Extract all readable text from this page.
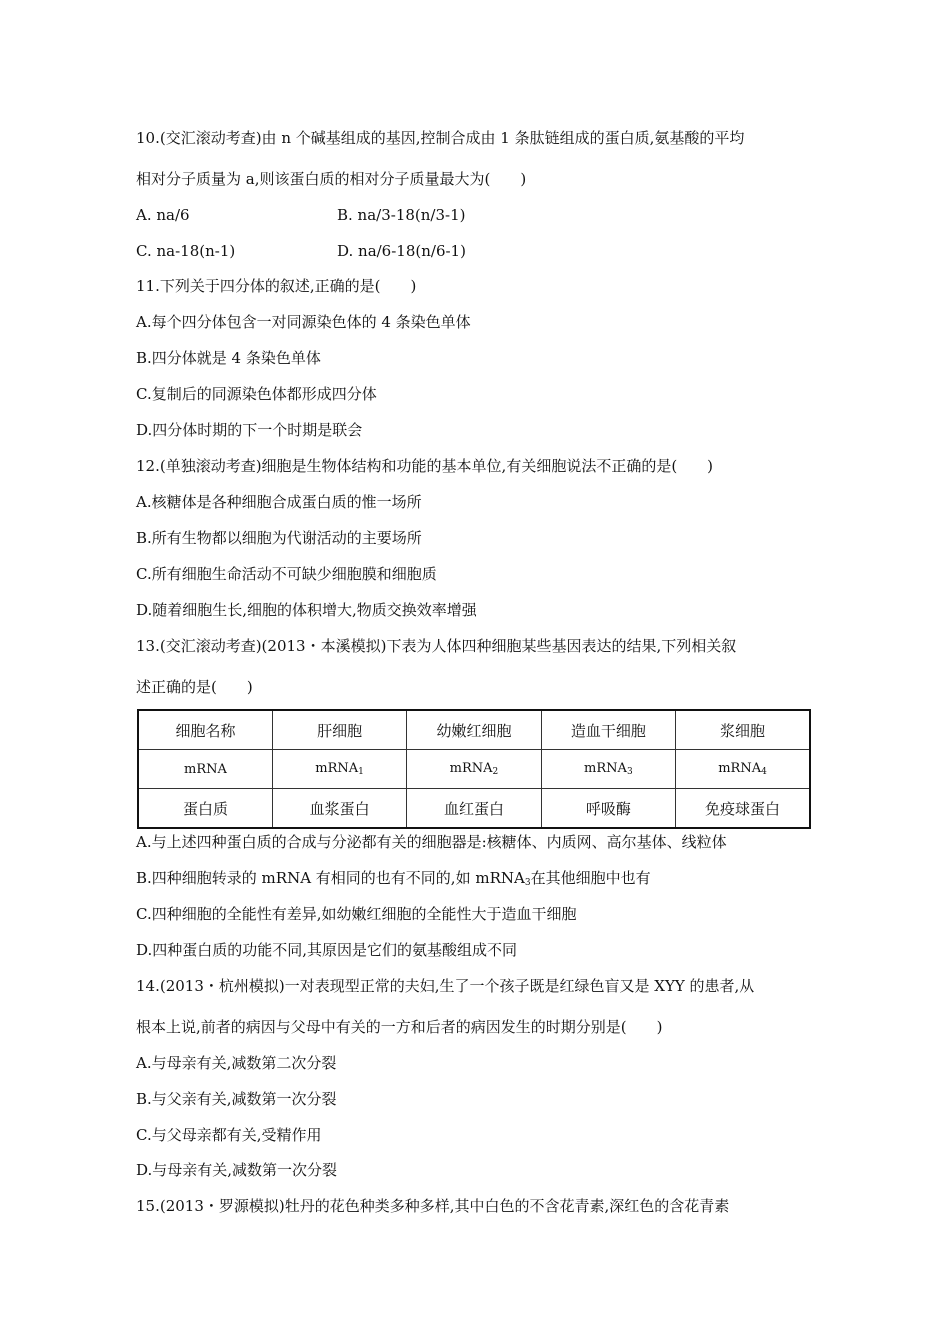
10.(交汇滚动考查)由 n 个碱基组成的基因,控制合成由 1 条肽链组成的蛋白质,氨基酸的平均
相对分子质量为 a,则该蛋白质的相对分子质量最大为(　　)
A. na/6	B. na/3-18(n/3-1)
C. na-18(n-1)	D. na/6-18(n/6-1)
11.下列关于四分体的叙述,正确的是(　　)
A.每个四分体包含一对同源染色体的 4 条染色单体
B.四分体就是 4 条染色单体
C.复制后的同源染色体都形成四分体
D.四分体时期的下一个时期是联会
12.(单独滚动考查)细胞是生物体结构和功能的基本单位,有关细胞说法不正确的是(　　)
A.核糖体是各种细胞合成蛋白质的惟一场所
B.所有生物都以细胞为代谢活动的主要场所
C.所有细胞生命活动不可缺少细胞膜和细胞质
D.随着细胞生长,细胞的体积增大,物质交换效率增强
13.(交汇滚动考查)(2013・本溪模拟)下表为人体四种细胞某些基因表达的结果,下列相关叙
述正确的是(　　)
细胞名称	肝细胞	幼嫩红细胞	造血干细胞	浆细胞
mRNA	mRNA$_1$	mRNA$_2$	mRNA$_3$	mRNA$_4$
蛋白质	血浆蛋白	血红蛋白	呼吸酶	免疫球蛋白
A.与上述四种蛋白质的合成与分泌都有关的细胞器是:核糖体、内质网、高尔基体、线粒体
B.四种细胞转录的 mRNA 有相同的也有不同的,如 mRNA$_3$在其他细胞中也有
C.四种细胞的全能性有差异,如幼嫩红细胞的全能性大于造血干细胞
D.四种蛋白质的功能不同,其原因是它们的氨基酸组成不同
14.(2013・杭州模拟)一对表现型正常的夫妇,生了一个孩子既是红绿色盲又是 XYY 的患者,从
根本上说,前者的病因与父母中有关的一方和后者的病因发生的时期分别是(　　)
A.与母亲有关,减数第二次分裂
B.与父亲有关,减数第一次分裂
C.与父母亲都有关,受精作用
D.与母亲有关,减数第一次分裂
15.(2013・罗源模拟)牡丹的花色种类多种多样,其中白色的不含花青素,深红色的含花青素
